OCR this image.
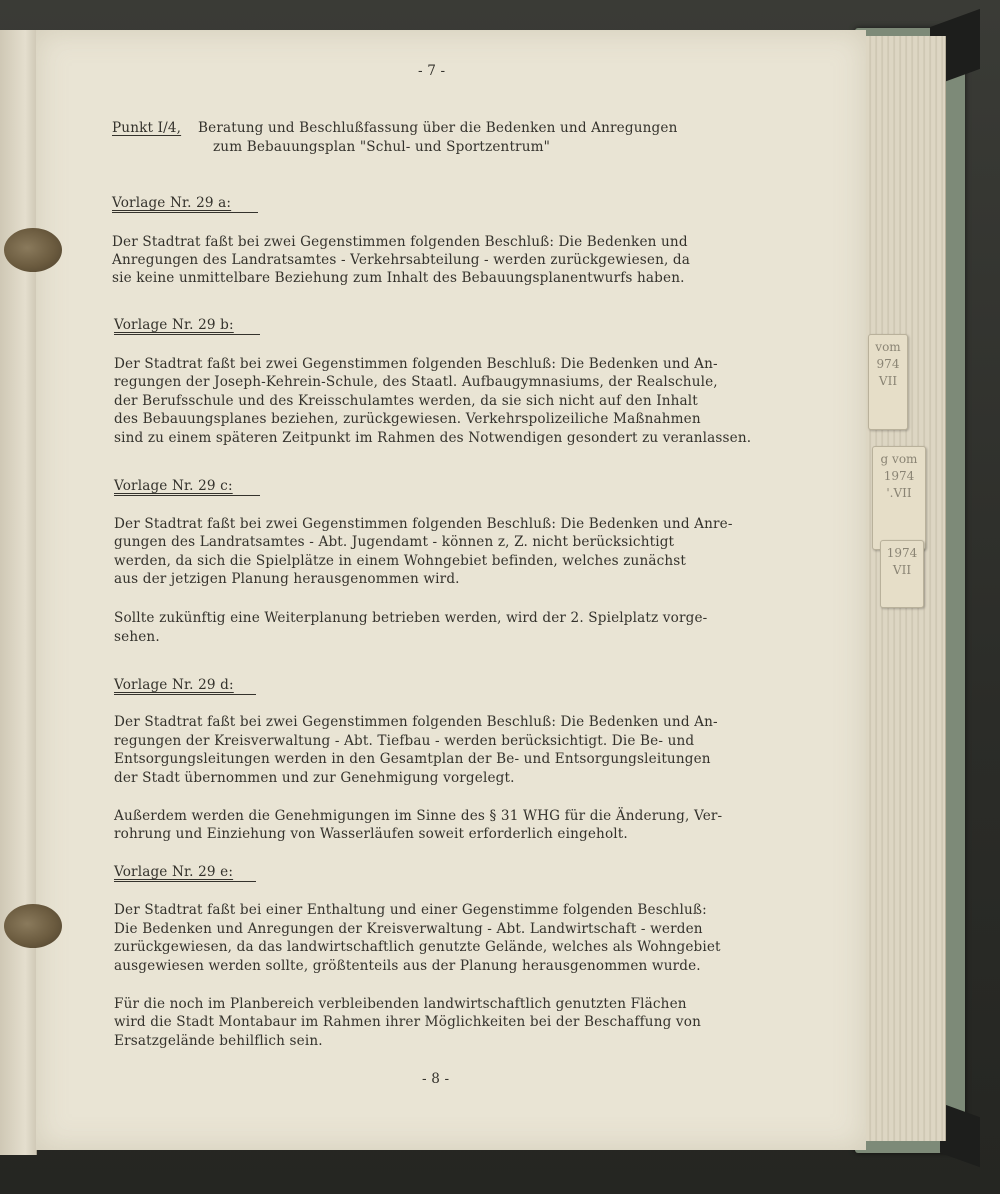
vom
974
VII
g vom
1974
'.VII
1974
VII
- 7 -
Punkt I/4, Beratung und Beschlußfassung über die Bedenken und Anregungen
zum Bebauungsplan "Schul- und Sportzentrum"
Vorlage Nr. 29 a:
Der Stadtrat faßt bei zwei Gegenstimmen folgenden Beschluß: Die Bedenken und
Anregungen des Landratsamtes - Verkehrsabteilung - werden zurückgewiesen, da
sie keine unmittelbare Beziehung zum Inhalt des Bebauungsplanentwurfs haben.
Vorlage Nr. 29 b:
Der Stadtrat faßt bei zwei Gegenstimmen folgenden Beschluß: Die Bedenken und An-
regungen der Joseph-Kehrein-Schule, des Staatl. Aufbaugymnasiums, der Realschule,
der Berufsschule und des Kreisschulamtes werden, da sie sich nicht auf den Inhalt
des Bebauungsplanes beziehen, zurückgewiesen. Verkehrspolizeiliche Maßnahmen
sind zu einem späteren Zeitpunkt im Rahmen des Notwendigen gesondert zu veranlassen.
Vorlage Nr. 29 c:
Der Stadtrat faßt bei zwei Gegenstimmen folgenden Beschluß: Die Bedenken und Anre-
gungen des Landratsamtes - Abt. Jugendamt - können z, Z. nicht berücksichtigt
werden, da sich die Spielplätze in einem Wohngebiet befinden, welches zunächst
aus der jetzigen Planung herausgenommen wird.
Sollte zukünftig eine Weiterplanung betrieben werden, wird der 2. Spielplatz vorge-
sehen.
Vorlage Nr. 29 d:
Der Stadtrat faßt bei zwei Gegenstimmen folgenden Beschluß: Die Bedenken und An-
regungen der Kreisverwaltung - Abt. Tiefbau - werden berücksichtigt. Die Be- und
Entsorgungsleitungen werden in den Gesamtplan der Be- und Entsorgungsleitungen
der Stadt übernommen und zur Genehmigung vorgelegt.
Außerdem werden die Genehmigungen im Sinne des § 31 WHG für die Änderung, Ver-
rohrung und Einziehung von Wasserläufen soweit erforderlich eingeholt.
Vorlage Nr. 29 e:
Der Stadtrat faßt bei einer Enthaltung und einer Gegenstimme folgenden Beschluß:
Die Bedenken und Anregungen der Kreisverwaltung - Abt. Landwirtschaft - werden
zurückgewiesen, da das landwirtschaftlich genutzte Gelände, welches als Wohngebiet
ausgewiesen werden sollte, größtenteils aus der Planung herausgenommen wurde.
Für die noch im Planbereich verbleibenden landwirtschaftlich genutzten Flächen
wird die Stadt Montabaur im Rahmen ihrer Möglichkeiten bei der Beschaffung von
Ersatzgelände behilflich sein.
- 8 -
